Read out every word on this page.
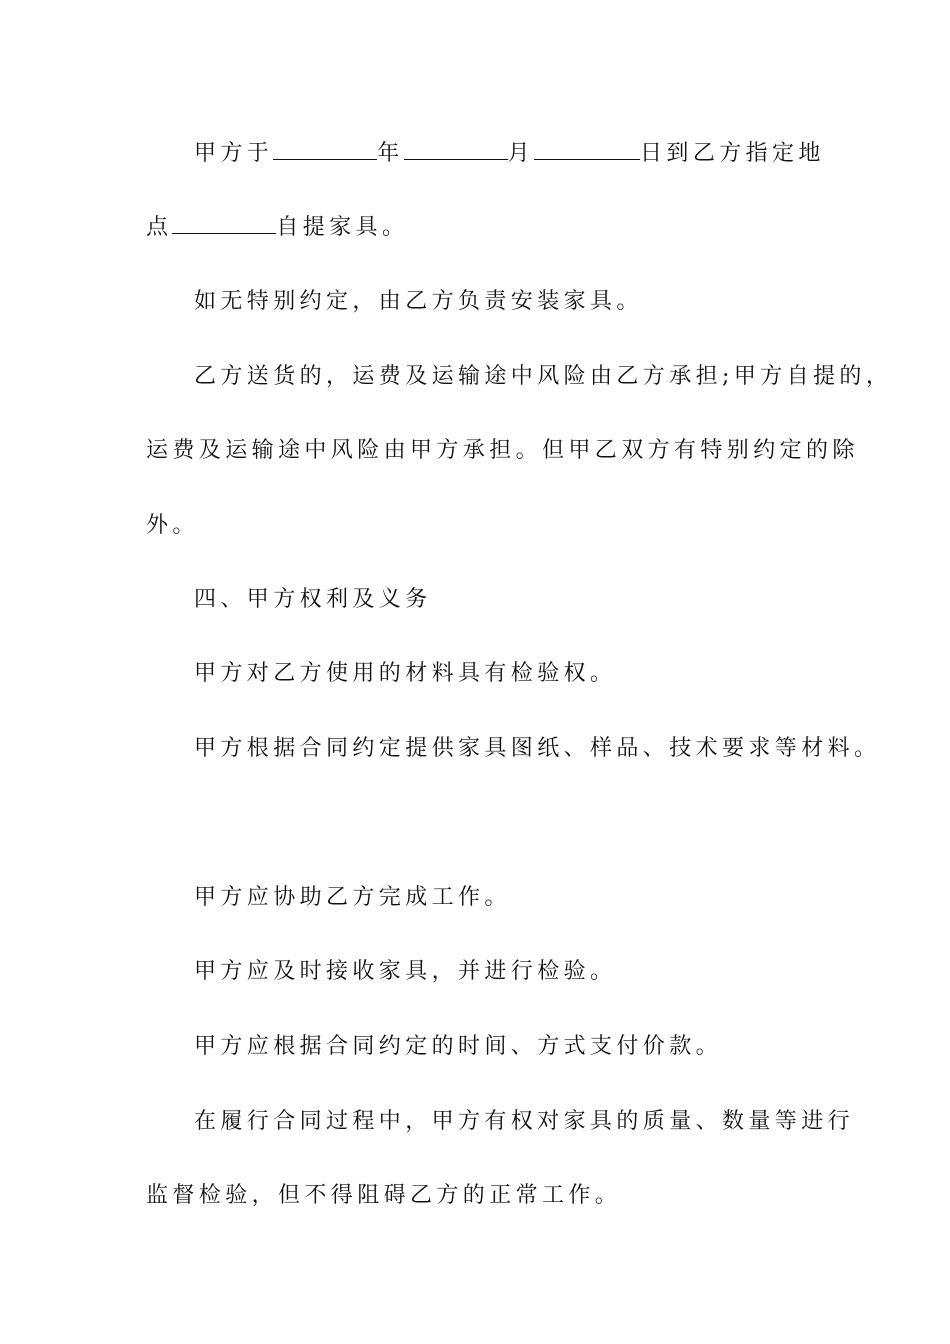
甲方于	年	月	日到乙方指定地
点	自提家具。
如无特别约定，由乙方负责安装家具。
乙方送货的，运费及运输途中风险由乙方承担;甲方自提的，
运费及运输途中风险由甲方承担。但甲乙双方有特别约定的除
外。
四、甲方权利及义务
甲方对乙方使用的材料具有检验权。
甲方根据合同约定提供家具图纸、样品、技术要求等材料。
甲方应协助乙方完成工作。
甲方应及时接收家具，并进行检验。
甲方应根据合同约定的时间、方式支付价款。
在履行合同过程中，甲方有权对家具的质量、数量等进行
监督检验，但不得阻碍乙方的正常工作。
